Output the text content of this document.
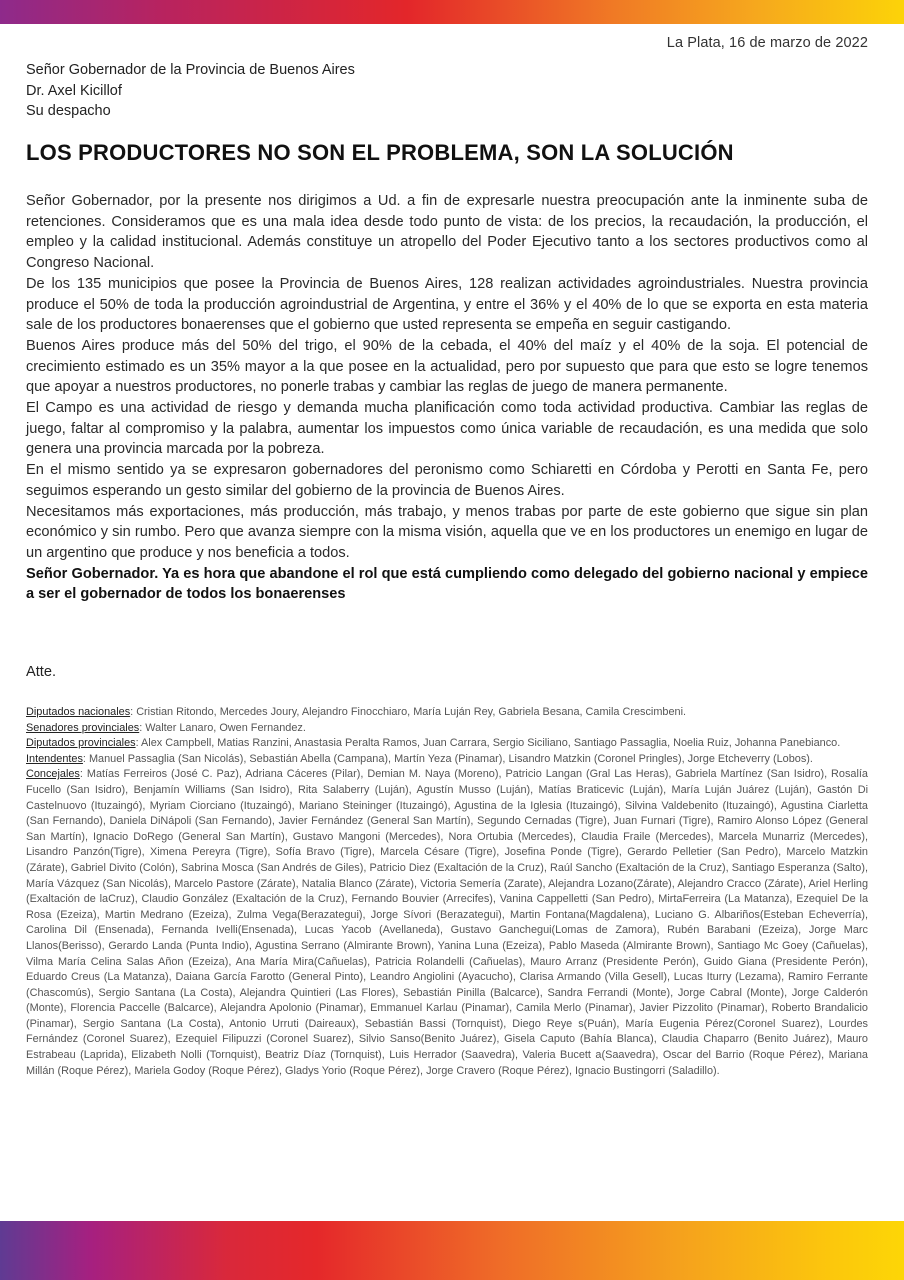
La Plata, 16 de marzo de 2022
Señor Gobernador de la Provincia de Buenos Aires
Dr. Axel Kicillof
Su despacho
LOS PRODUCTORES NO SON EL PROBLEMA, SON LA SOLUCIÓN

Señor Gobernador, por la presente nos dirigimos a Ud. a fin de expresarle nuestra preocupación ante la inminente suba de retenciones. Consideramos que es una mala idea desde todo punto de vista: de los precios, la recaudación, la producción, el empleo y la calidad institucional. Además constituye un atropello del Poder Ejecutivo tanto a los sectores productivos como al Congreso Nacional.

De los 135 municipios que posee la Provincia de Buenos Aires, 128 realizan actividades agroindustriales. Nuestra provincia produce el 50% de toda la producción agroindustrial de Argentina, y entre el 36% y el 40% de lo que se exporta en esta materia sale de los productores bonaerenses que el gobierno que usted representa se empeña en seguir castigando.

Buenos Aires produce más del 50% del trigo, el 90% de la cebada, el 40% del maíz y el 40% de la soja. El potencial de crecimiento estimado es un 35% mayor a la que posee en la actualidad, pero por supuesto que para que esto se logre tenemos que apoyar a nuestros productores, no ponerle trabas y cambiar las reglas de juego de manera permanente.

El Campo es una actividad de riesgo y demanda mucha planificación como toda actividad productiva. Cambiar las reglas de juego, faltar al compromiso y la palabra, aumentar los impuestos como única variable de recaudación, es una medida que solo genera una provincia marcada por la pobreza.

En el mismo sentido ya se expresaron gobernadores del peronismo como Schiaretti en Córdoba y Perotti en Santa Fe, pero seguimos esperando un gesto similar del gobierno de la provincia de Buenos Aires.

Necesitamos más exportaciones, más producción, más trabajo, y menos trabas por parte de este gobierno que sigue sin plan económico y sin rumbo. Pero que avanza siempre con la misma visión, aquella que ve en los productores un enemigo en lugar de un argentino que produce y nos beneficia a todos.

Señor Gobernador. Ya es hora que abandone el rol que está cumpliendo como delegado del gobierno nacional y empiece a ser el gobernador de todos los bonaerenses

Atte.

Diputados nacionales: Cristian Ritondo, Mercedes Joury, Alejandro Finocchiaro, María Luján Rey, Gabriela Besana, Camila Crescimbeni.

Senadores provinciales: Walter Lanaro, Owen Fernandez.

Diputados provinciales: Alex Campbell, Matias Ranzini, Anastasia Peralta Ramos, Juan Carrara, Sergio Siciliano, Santiago Passaglia, Noelia Ruiz, Johanna Panebianco.

Intendentes: Manuel Passaglia (San Nicolás), Sebastián Abella (Campana), Martín Yeza (Pinamar), Lisandro Matzkin (Coronel Pringles), Jorge Etcheverry (Lobos).

Concejales: Matías Ferreiros (José C. Paz), Adriana Cáceres (Pilar), Demian M. Naya (Moreno), Patricio Langan (Gral Las Heras), Gabriela Martínez (San Isidro), Rosalía Fucello (San Isidro), Benjamín Williams (San Isidro), Rita Salaberry (Luján), Agustín Musso (Luján), Matías Braticevic (Luján), María Luján Juárez (Luján), Gastón Di Castelnuovo (Ituzaingó), Myriam Ciorciano (Ituzaingó), Mariano Steininger (Ituzaingó), Agustina de la Iglesia (Ituzaingó), Silvina Valdebenito (Ituzaingó), Agustina Ciarletta (San Fernando), Daniela DiNápoli (San Fernando), Javier Fernández (General San Martín), Segundo Cernadas (Tigre), Juan Furnari (Tigre), Ramiro Alonso López (General San Martín), Ignacio DoRego (General San Martín), Gustavo Mangoni (Mercedes), Nora Ortubia (Mercedes), Claudia Fraile (Mercedes), Marcela Munarriz (Mercedes), Lisandro Panzón(Tigre), Ximena Pereyra (Tigre), Sofía Bravo (Tigre), Marcela Césare (Tigre), Josefina Ponde (Tigre), Gerardo Pelletier (San Pedro), Marcelo Matzkin (Zárate), Gabriel Divito (Colón), Sabrina Mosca (San Andrés de Giles), Patricio Diez (Exaltación de la Cruz), Raúl Sancho (Exaltación de la Cruz), Santiago Esperanza (Salto), María Vázquez (San Nicolás), Marcelo Pastore (Zárate), Natalia Blanco (Zárate), Victoria Semería (Zarate), Alejandra Lozano(Zárate), Alejandro Cracco (Zárate), Ariel Herling (Exaltación de laCruz), Claudio González (Exaltación de la Cruz), Fernando Bouvier (Arrecifes), Vanina Cappelletti (San Pedro), MirtaFerreira (La Matanza), Ezequiel De la Rosa (Ezeiza), Martin Medrano (Ezeiza), Zulma Vega(Berazategui), Jorge Sívori (Berazategui), Martin Fontana(Magdalena), Luciano G. Albariños(Esteban Echeverría), Carolina Dil (Ensenada), Fernanda Ivelli(Ensenada), Lucas Yacob (Avellaneda), Gustavo Ganchegui(Lomas de Zamora), Rubén Barabani (Ezeiza), Jorge Marc Llanos(Berisso), Gerardo Landa (Punta Indio), Agustina Serrano (Almirante Brown), Yanina Luna (Ezeiza), Pablo Maseda (Almirante Brown), Santiago Mc Goey (Cañuelas), Vilma María Celina Salas Añon (Ezeiza), Ana María Mira(Cañuelas), Patricia Rolandelli (Cañuelas), Mauro Arranz (Presidente Perón), Guido Giana (Presidente Perón), Eduardo Creus (La Matanza), Daiana García Farotto (General Pinto), Leandro Angiolini (Ayacucho), Clarisa Armando (Villa Gesell), Lucas Iturry (Lezama), Ramiro Ferrante (Chascomús), Sergio Santana (La Costa), Alejandra Quintieri (Las Flores), Sebastián Pinilla (Balcarce), Sandra Ferrandi (Monte), Jorge Cabral (Monte), Jorge Calderón (Monte), Florencia Paccelle (Balcarce), Alejandra Apolonio (Pinamar), Emmanuel Karlau (Pinamar), Camila Merlo (Pinamar), Javier Pizzolito (Pinamar), Roberto Brandalicio (Pinamar), Sergio Santana (La Costa), Antonio Urruti (Daireaux), Sebastián Bassi (Tornquist), Diego Reye s(Puán), María Eugenia Pérez(Coronel Suarez), Lourdes Fernández (Coronel Suarez), Ezequiel Filipuzzi (Coronel Suarez), Silvio Sanso(Benito Juárez), Gisela Caputo (Bahía Blanca), Claudia Chaparro (Benito Juárez), Mauro Estrabeau (Laprida), Elizabeth Nolli (Tornquist), Beatriz Díaz (Tornquist), Luis Herrador (Saavedra), Valeria Bucett a(Saavedra), Oscar del Barrio (Roque Pérez), Mariana Millán (Roque Pérez), Mariela Godoy (Roque Pérez), Gladys Yorio (Roque Pérez), Jorge Cravero (Roque Pérez), Ignacio Bustingorri (Saladillo).
